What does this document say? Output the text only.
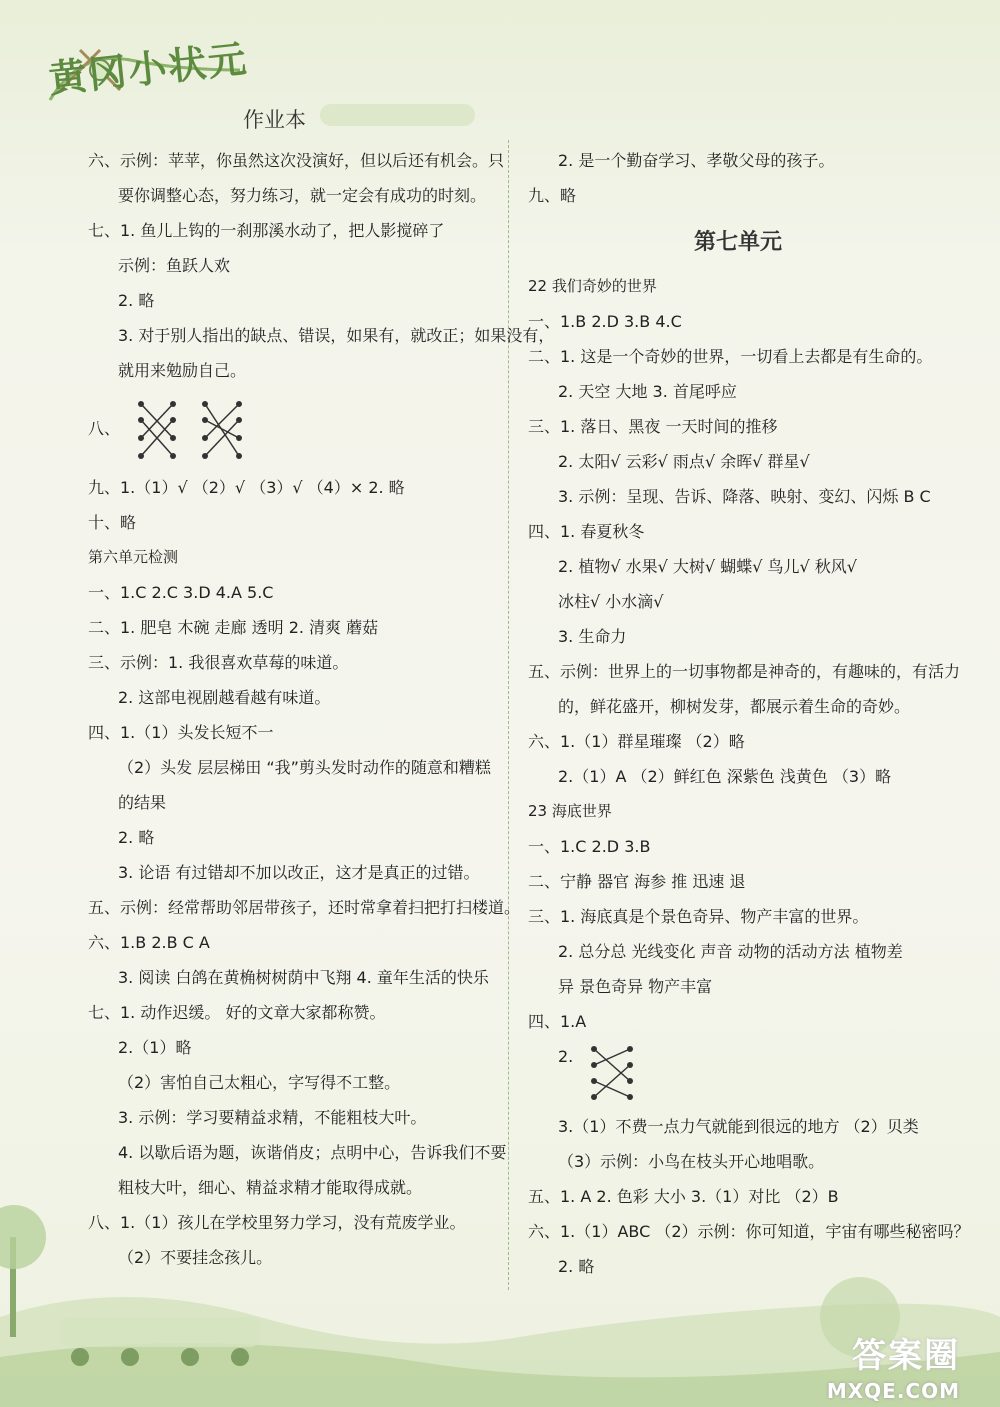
黄冈小状元
作业本
六、示例：苹苹，你虽然这次没演好，但以后还有机会。只
要你调整心态，努力练习，就一定会有成功的时刻。
七、1. 鱼儿上钩的一刹那溪水动了，把人影搅碎了
示例：鱼跃人欢
2. 略
3. 对于别人指出的缺点、错误，如果有，就改正；如果没有，
就用来勉励自己。
八、
九、1.（1）√ （2）√ （3）√ （4）× 2. 略
十、略
第六单元检测
一、1.C 2.C 3.D 4.A 5.C
二、1. 肥皂 木碗 走廊 透明 2. 清爽 蘑菇
三、示例：1. 我很喜欢草莓的味道。
2. 这部电视剧越看越有味道。
四、1.（1）头发长短不一
（2）头发 层层梯田 “我”剪头发时动作的随意和糟糕
的结果
2. 略
3. 论语 有过错却不加以改正，这才是真正的过错。
五、示例：经常帮助邻居带孩子，还时常拿着扫把打扫楼道。
六、1.B 2.B C A
3. 阅读 白鸽在黄桷树树荫中飞翔 4. 童年生活的快乐
七、1. 动作迟缓。 好的文章大家都称赞。
2.（1）略
（2）害怕自己太粗心，字写得不工整。
3. 示例：学习要精益求精，不能粗枝大叶。
4. 以歇后语为题，诙谐俏皮；点明中心，告诉我们不要
粗枝大叶，细心、精益求精才能取得成就。
八、1.（1）孩儿在学校里努力学习，没有荒废学业。
（2）不要挂念孩儿。
2. 是一个勤奋学习、孝敬父母的孩子。
九、略
第七单元
22 我们奇妙的世界
一、1.B 2.D 3.B 4.C
二、1. 这是一个奇妙的世界，一切看上去都是有生命的。
2. 天空 大地 3. 首尾呼应
三、1. 落日、黑夜 一天时间的推移
2. 太阳√ 云彩√ 雨点√ 余晖√ 群星√
3. 示例：呈现、告诉、降落、映射、变幻、闪烁 B C
四、1. 春夏秋冬
2. 植物√ 水果√ 大树√ 蝴蝶√ 鸟儿√ 秋风√
冰柱√ 小水滴√
3. 生命力
五、示例：世界上的一切事物都是神奇的，有趣味的，有活力
的，鲜花盛开，柳树发芽，都展示着生命的奇妙。
六、1.（1）群星璀璨 （2）略
2.（1）A （2）鲜红色 深紫色 浅黄色 （3）略
23 海底世界
一、1.C 2.D 3.B
二、宁静 器官 海参 推 迅速 退
三、1. 海底真是个景色奇异、物产丰富的世界。
2. 总分总 光线变化 声音 动物的活动方法 植物差
异 景色奇异 物产丰富
四、1.A
2.
3.（1）不费一点力气就能到很远的地方 （2）贝类
（3）示例：小鸟在枝头开心地唱歌。
五、1. A 2. 色彩 大小 3.（1）对比 （2）B
六、1.（1）ABC （2）示例：你可知道，宇宙有哪些秘密吗？
2. 略
答案圈
MXQE.COM
